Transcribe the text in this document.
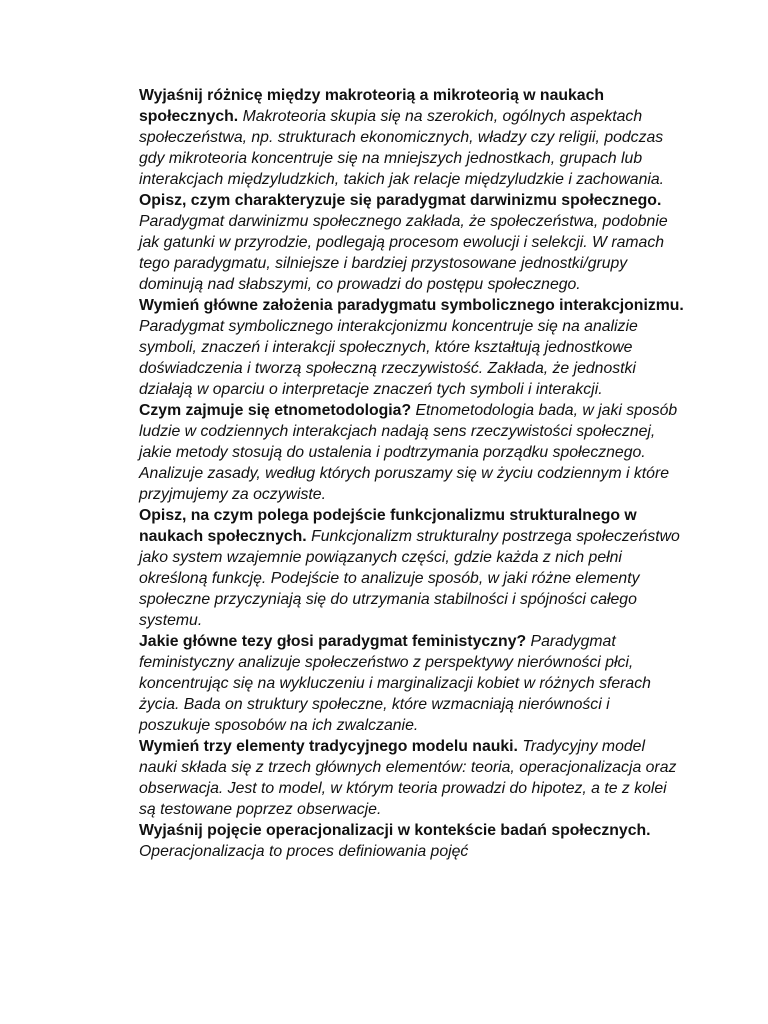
Wyjaśnij różnicę między makroteorią a mikroteorią w naukach społecznych. Makroteoria skupia się na szerokich, ogólnych aspektach społeczeństwa, np. strukturach ekonomicznych, władzy czy religii, podczas gdy mikroteoria koncentruje się na mniejszych jednostkach, grupach lub interakcjach międzyludzkich, takich jak relacje międzyludzkie i zachowania.

Opisz, czym charakteryzuje się paradygmat darwinizmu społecznego. Paradygmat darwinizmu społecznego zakłada, że społeczeństwa, podobnie jak gatunki w przyrodzie, podlegają procesom ewolucji i selekcji. W ramach tego paradygmatu, silniejsze i bardziej przystosowane jednostki/grupy dominują nad słabszymi, co prowadzi do postępu społecznego.

Wymień główne założenia paradygmatu symbolicznego interakcjonizmu. Paradygmat symbolicznego interakcjonizmu koncentruje się na analizie symboli, znaczeń i interakcji społecznych, które kształtują jednostkowe doświadczenia i tworzą społeczną rzeczywistość. Zakłada, że jednostki działają w oparciu o interpretacje znaczeń tych symboli i interakcji.

Czym zajmuje się etnometodologia? Etnometodologia bada, w jaki sposób ludzie w codziennych interakcjach nadają sens rzeczywistości społecznej, jakie metody stosują do ustalenia i podtrzymania porządku społecznego. Analizuje zasady, według których poruszamy się w życiu codziennym i które przyjmujemy za oczywiste.

Opisz, na czym polega podejście funkcjonalizmu strukturalnego w naukach społecznych. Funkcjonalizm strukturalny postrzega społeczeństwo jako system wzajemnie powiązanych części, gdzie każda z nich pełni określoną funkcję. Podejście to analizuje sposób, w jaki różne elementy społeczne przyczyniają się do utrzymania stabilności i spójności całego systemu.

Jakie główne tezy głosi paradygmat feministyczny? Paradygmat feministyczny analizuje społeczeństwo z perspektywy nierówności płci, koncentrując się na wykluczeniu i marginalizacji kobiet w różnych sferach życia. Bada on struktury społeczne, które wzmacniają nierówności i poszukuje sposobów na ich zwalczanie.

Wymień trzy elementy tradycyjnego modelu nauki. Tradycyjny model nauki składa się z trzech głównych elementów: teoria, operacjonalizacja oraz obserwacja. Jest to model, w którym teoria prowadzi do hipotez, a te z kolei są testowane poprzez obserwacje.

Wyjaśnij pojęcie operacjonalizacji w kontekście badań społecznych. Operacjonalizacja to proces definiowania pojęć
